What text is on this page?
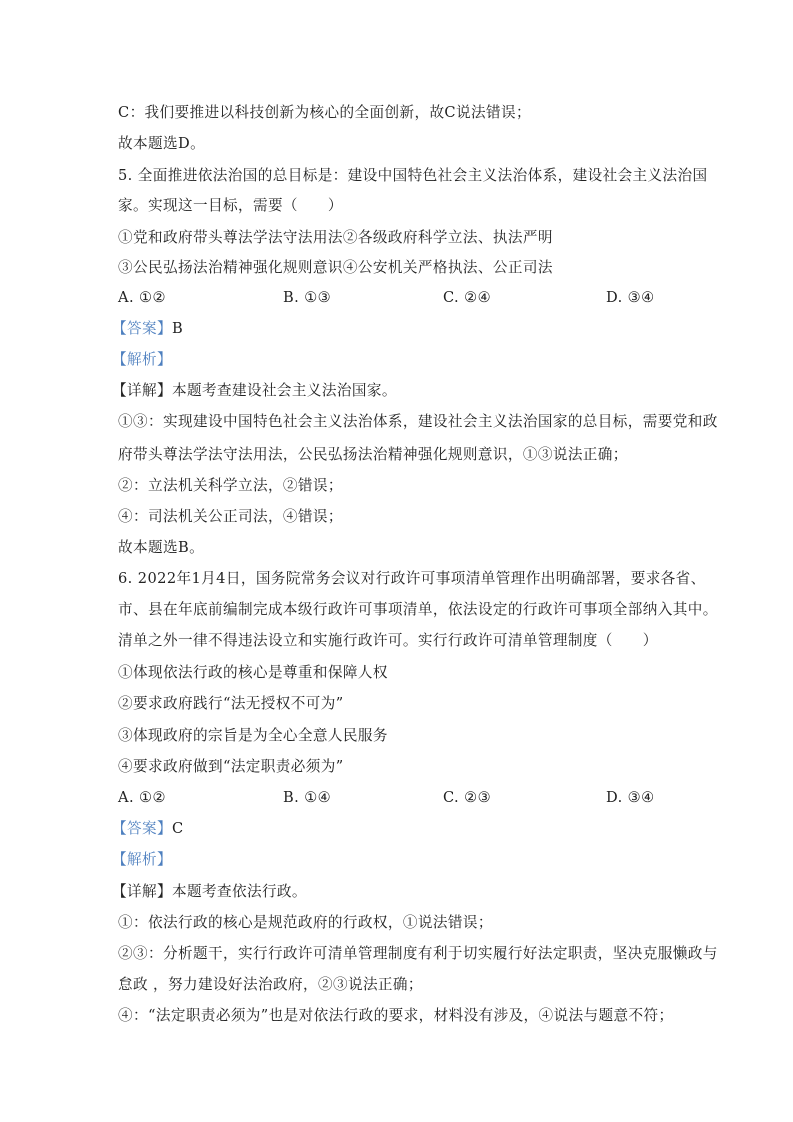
C：我们要推进以科技创新为核心的全面创新，故C说法错误；
故本题选D。
5. 全面推进依法治国的总目标是：建设中国特色社会主义法治体系，建设社会主义法治国
家。实现这一目标，需要（　　）
①党和政府带头尊法学法守法用法②各级政府科学立法、执法严明
③公民弘扬法治精神强化规则意识④公安机关严格执法、公正司法
A. ①②	B. ①③	C. ②④	D. ③④
【答案】B
【解析】
【详解】本题考查建设社会主义法治国家。
①③：实现建设中国特色社会主义法治体系，建设社会主义法治国家的总目标，需要党和政
府带头尊法学法守法用法，公民弘扬法治精神强化规则意识，①③说法正确；
②：立法机关科学立法，②错误；
④：司法机关公正司法，④错误；
故本题选B。
6. 2022年1月4日，国务院常务会议对行政许可事项清单管理作出明确部署，要求各省、
市、县在年底前编制完成本级行政许可事项清单，依法设定的行政许可事项全部纳入其中。
清单之外一律不得违法设立和实施行政许可。实行行政许可清单管理制度（　　）
①体现依法行政的核心是尊重和保障人权
②要求政府践行“法无授权不可为”
③体现政府的宗旨是为全心全意人民服务
④要求政府做到“法定职责必须为”
A. ①②	B. ①④	C. ②③	D. ③④
【答案】C
【解析】
【详解】本题考查依法行政。
①：依法行政的核心是规范政府的行政权，①说法错误；
②③：分析题干，实行行政许可清单管理制度有利于切实履行好法定职责，坚决克服懒政与
怠政 ，努力建设好法治政府，②③说法正确；
④：“法定职责必须为”也是对依法行政的要求，材料没有涉及，④说法与题意不符；
